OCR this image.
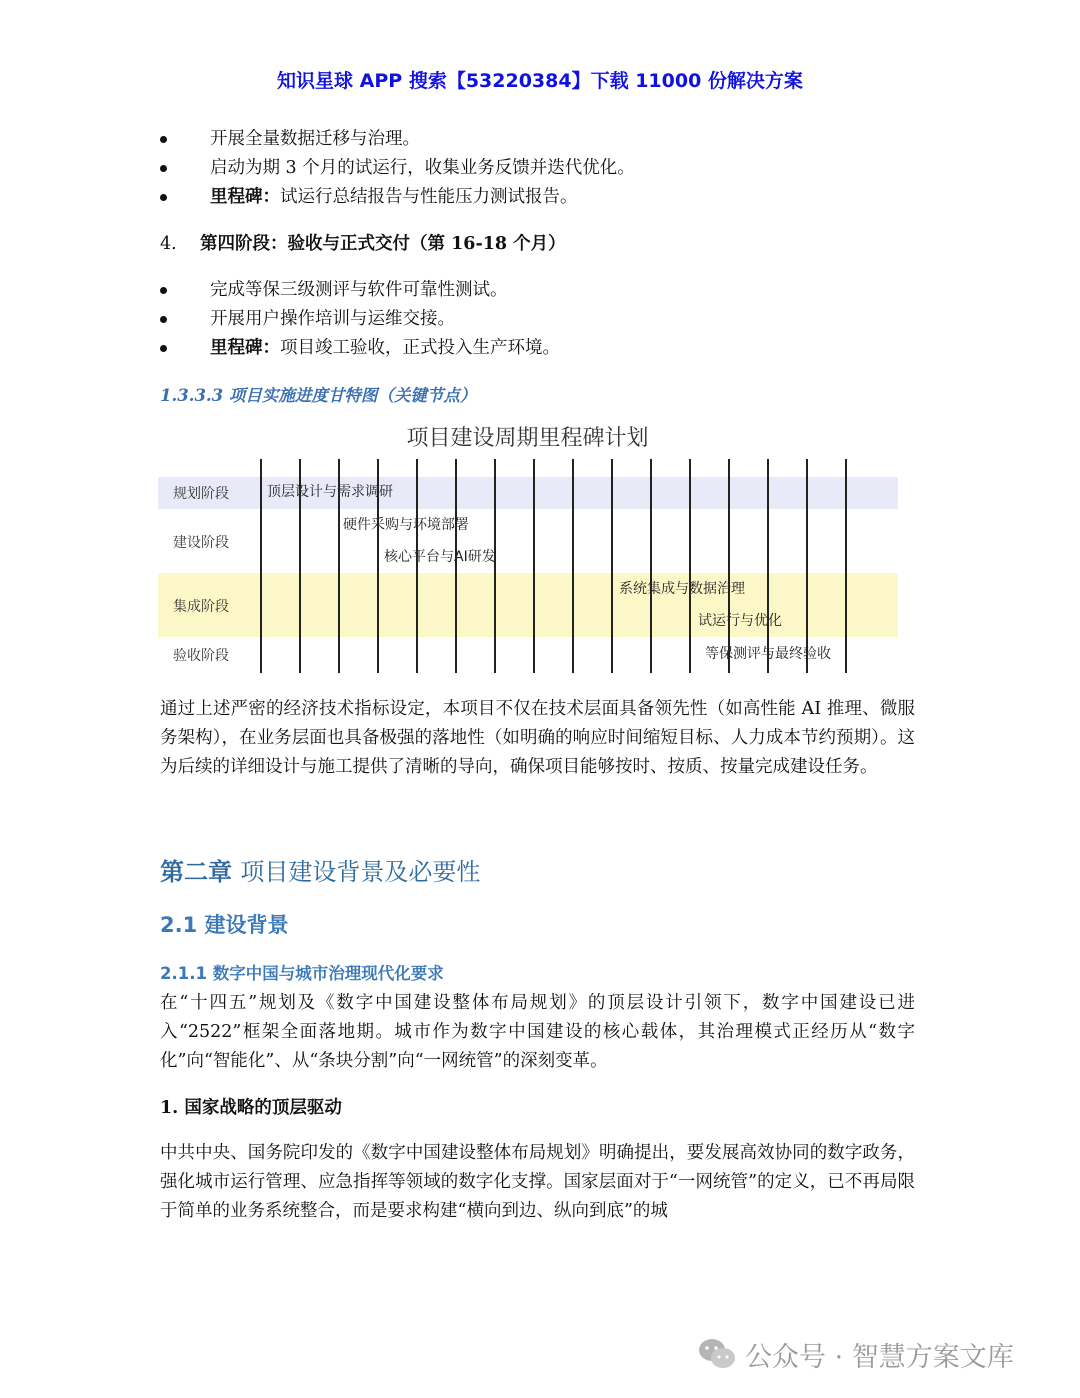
知识星球 APP 搜索【53220384】下载 11000 份解决方案
开展全量数据迁移与治理。
启动为期 3 个月的试运行，收集业务反馈并迭代优化。
里程碑：试运行总结报告与性能压力测试报告。
4. 第四阶段：验收与正式交付（第 16-18 个月）
完成等保三级测评与软件可靠性测试。
开展用户操作培训与运维交接。
里程碑：项目竣工验收，正式投入生产环境。
1.3.3.3 项目实施进度甘特图（关键节点）
项目建设周期里程碑计划
规划阶段
建设阶段
集成阶段
验收阶段
顶层设计与需求调研
硬件采购与环境部署
核心平台与AI研发
系统集成与数据治理
试运行与优化
等保测评与最终验收

通过上述严密的经济技术指标设定，本项目不仅在技术层面具备领先性（如高性能 AI 推理、微服务架构），在业务层面也具备极强的落地性（如明确的响应时间缩短目标、人力成本节约预期）。这为后续的详细设计与施工提供了清晰的导向，确保项目能够按时、按质、按量完成建设任务。

第二章 项目建设背景及必要性
2.1 建设背景
2.1.1 数字中国与城市治理现代化要求

在“十四五”规划及《数字中国建设整体布局规划》的顶层设计引领下，数字中国建设已进入“2522”框架全面落地期。城市作为数字中国建设的核心载体，其治理模式正经历从“数字化”向“智能化”、从“条块分割”向“一网统管”的深刻变革。

1. 国家战略的顶层驱动

中共中央、国务院印发的《数字中国建设整体布局规划》明确提出，要发展高效协同的数字政务，强化城市运行管理、应急指挥等领域的数字化支撑。国家层面对于“一网统管”的定义，已不再局限于简单的业务系统整合，而是要求构建“横向到边、纵向到底”的城

公众号 · 智慧方案文库
